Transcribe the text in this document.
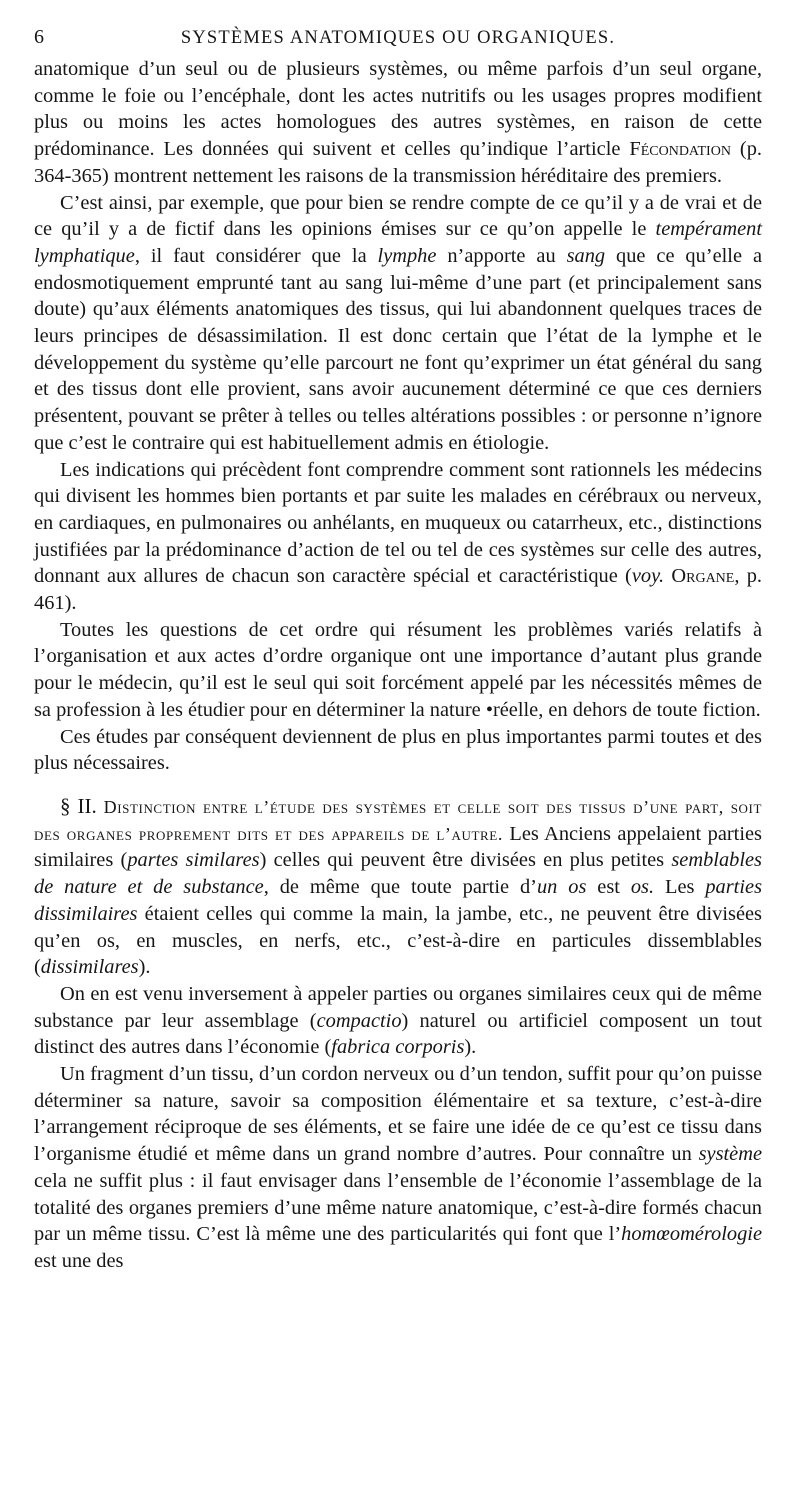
6	SYSTÈMES ANATOMIQUES OU ORGANIQUES.

anatomique d’un seul ou de plusieurs systèmes, ou même parfois d’un seul organe, comme le foie ou l’encéphale, dont les actes nutritifs ou les usages propres modifient plus ou moins les actes homologues des autres systèmes, en raison de cette prédominance. Les données qui suivent et celles qu’indique l’article Fécondation (p. 364-365) montrent nettement les raisons de la transmission héréditaire des premiers.

C’est ainsi, par exemple, que pour bien se rendre compte de ce qu’il y a de vrai et de ce qu’il y a de fictif dans les opinions émises sur ce qu’on appelle le tempérament lymphatique, il faut considérer que la lymphe n’apporte au sang que ce qu’elle a endosmotiquement emprunté tant au sang lui-même d’une part (et principalement sans doute) qu’aux éléments anatomiques des tissus, qui lui abandonnent quelques traces de leurs principes de désassimilation. Il est donc certain que l’état de la lymphe et le développement du système qu’elle parcourt ne font qu’exprimer un état général du sang et des tissus dont elle provient, sans avoir aucunement déterminé ce que ces derniers présentent, pouvant se prêter à telles ou telles altérations possibles : or personne n’ignore que c’est le contraire qui est habituellement admis en étiologie.

Les indications qui précèdent font comprendre comment sont rationnels les médecins qui divisent les hommes bien portants et par suite les malades en cérébraux ou nerveux, en cardiaques, en pulmonaires ou anhélants, en muqueux ou catarrheux, etc., distinctions justifiées par la prédominance d’action de tel ou tel de ces systèmes sur celle des autres, donnant aux allures de chacun son caractère spécial et caractéristique (voy. Organe, p. 461).

Toutes les questions de cet ordre qui résument les problèmes variés relatifs à l’organisation et aux actes d’ordre organique ont une importance d’autant plus grande pour le médecin, qu’il est le seul qui soit forcément appelé par les nécessités mêmes de sa profession à les étudier pour en déterminer la nature •réelle, en dehors de toute fiction.

Ces études par conséquent deviennent de plus en plus importantes parmi toutes et des plus nécessaires.

§ II. Distinction entre l’étude des systèmes et celle soit des tissus d’une part, soit des organes proprement dits et des appareils de l’autre. Les Anciens appelaient parties similaires (partes similares) celles qui peuvent être divisées en plus petites semblables de nature et de substance, de même que toute partie d’un os est os. Les parties dissimilaires étaient celles qui comme la main, la jambe, etc., ne peuvent être divisées qu’en os, en muscles, en nerfs, etc., c’est-à-dire en particules dissemblables (dissimilares).

On en est venu inversement à appeler parties ou organes similaires ceux qui de même substance par leur assemblage (compactio) naturel ou artificiel composent un tout distinct des autres dans l’économie (fabrica corporis).

Un fragment d’un tissu, d’un cordon nerveux ou d’un tendon, suffit pour qu’on puisse déterminer sa nature, savoir sa composition élémentaire et sa texture, c’est-à-dire l’arrangement réciproque de ses éléments, et se faire une idée de ce qu’est ce tissu dans l’organisme étudié et même dans un grand nombre d’autres. Pour connaître un système cela ne suffit plus : il faut envisager dans l’ensemble de l’économie l’assemblage de la totalité des organes premiers d’une même nature anatomique, c’est-à-dire formés chacun par un même tissu. C’est là même une des particularités qui font que l’homœomérologie est une des
